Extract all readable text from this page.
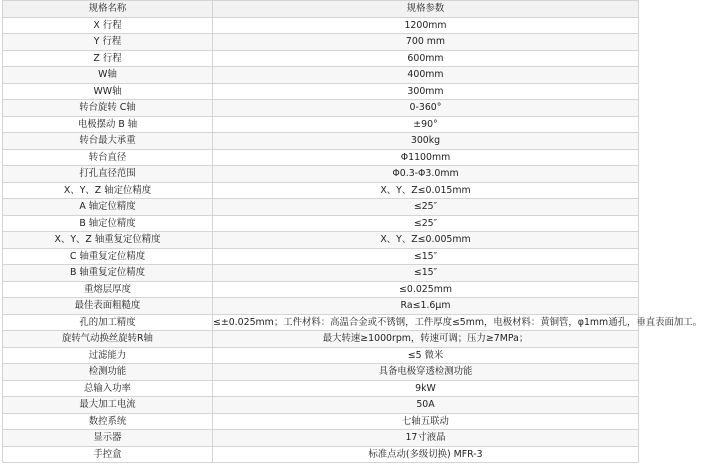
规格名称	规格参数
X 行程	1200mm
Y 行程	700 mm
Z 行程	600mm
W轴	400mm
WW轴	300mm
转台旋转 C轴	0-360°
电极摆动 B 轴	±90°
转台最大承重	300kg
转台直径	Φ1100mm
打孔直径范围	Φ0.3-Φ3.0mm
X、Y、Z 轴定位精度	X、Y、Z≤0.015mm
A 轴定位精度	≤25″
B 轴定位精度	≤25″
X、Y、Z 轴重复定位精度	X、Y、Z≤0.005mm
C 轴重复定位精度	≤15″
B 轴重复定位精度	≤15″
重熔层厚度	≤0.025mm
最佳表面粗糙度	Ra≤1.6μm
孔的加工精度	≤±0.025mm；工件材料：高温合金或不锈钢，工件厚度≤5mm，电极材料：黄铜管，φ1mm通孔，垂直表面加工。
旋转气动换丝旋转R轴	最大转速≥1000rpm，转速可调；压力≥7MPa；
过滤能力	≤5 微米
检测功能	具备电极穿透检测功能
总输入功率	9kW
最大加工电流	50A
数控系统	七轴五联动
显示器	17寸液晶
手控盒	标准点动(多级切换) MFR-3
